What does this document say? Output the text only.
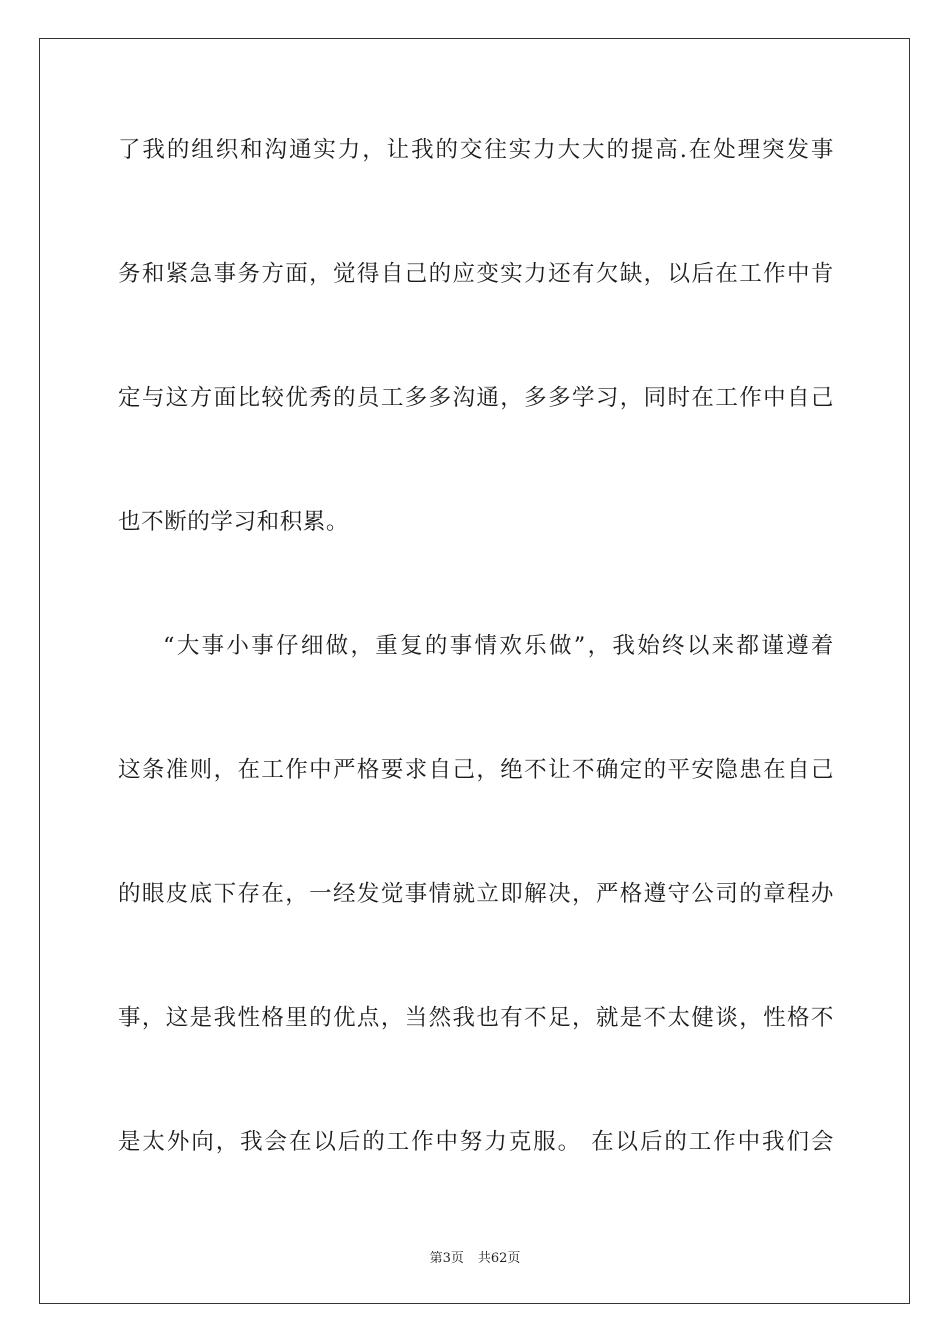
了我的组织和沟通实力，让我的交往实力大大的提高.在处理突发事
务和紧急事务方面，觉得自己的应变实力还有欠缺，以后在工作中肯
定与这方面比较优秀的员工多多沟通，多多学习，同时在工作中自己
也不断的学习和积累。
“大事小事仔细做，重复的事情欢乐做”，我始终以来都谨遵着
这条准则，在工作中严格要求自己，绝不让不确定的平安隐患在自己
的眼皮底下存在，一经发觉事情就立即解决，严格遵守公司的章程办
事，这是我性格里的优点，当然我也有不足，就是不太健谈，性格不
是太外向，我会在以后的工作中努力克服。 在以后的工作中我们会
第3页 共62页
